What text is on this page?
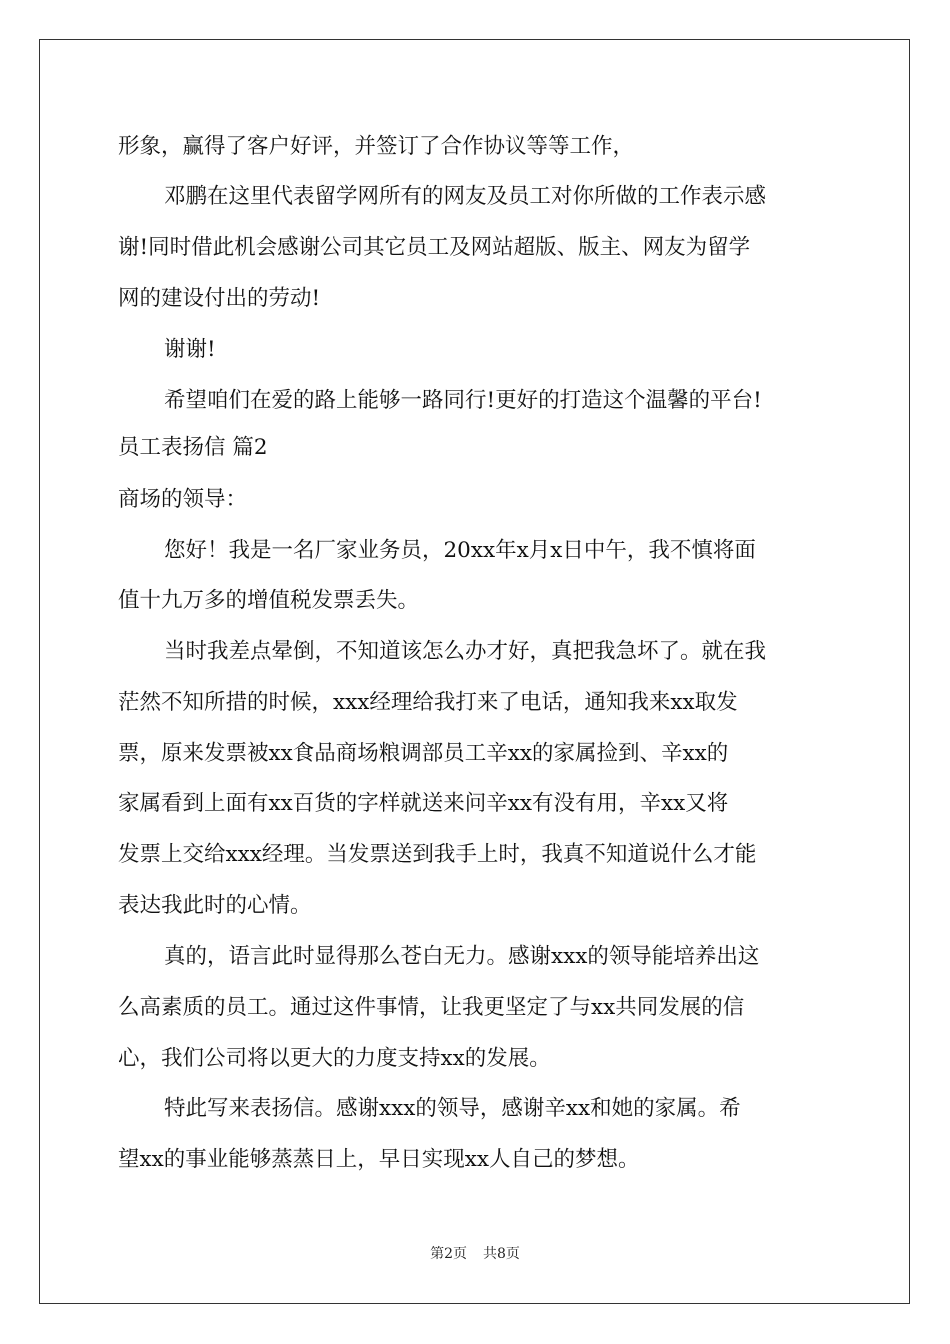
形象，赢得了客户好评，并签订了合作协议等等工作，
邓鹏在这里代表留学网所有的网友及员工对你所做的工作表示感
谢!同时借此机会感谢公司其它员工及网站超版、版主、网友为留学
网的建设付出的劳动!
谢谢!
希望咱们在爱的路上能够一路同行!更好的打造这个温馨的平台!
员工表扬信 篇2
商场的领导：
您好！我是一名厂家业务员，20xx年x月x日中午，我不慎将面
值十九万多的增值税发票丢失。
当时我差点晕倒，不知道该怎么办才好，真把我急坏了。就在我
茫然不知所措的时候，xxx经理给我打来了电话，通知我来xx取发
票，原来发票被xx食品商场粮调部员工辛xx的家属捡到、辛xx的
家属看到上面有xx百货的字样就送来问辛xx有没有用，辛xx又将
发票上交给xxx经理。当发票送到我手上时，我真不知道说什么才能
表达我此时的心情。
真的，语言此时显得那么苍白无力。感谢xxx的领导能培养出这
么高素质的员工。通过这件事情，让我更坚定了与xx共同发展的信
心，我们公司将以更大的力度支持xx的发展。
特此写来表扬信。感谢xxx的领导，感谢辛xx和她的家属。希
望xx的事业能够蒸蒸日上，早日实现xx人自己的梦想。
第2页 共8页
